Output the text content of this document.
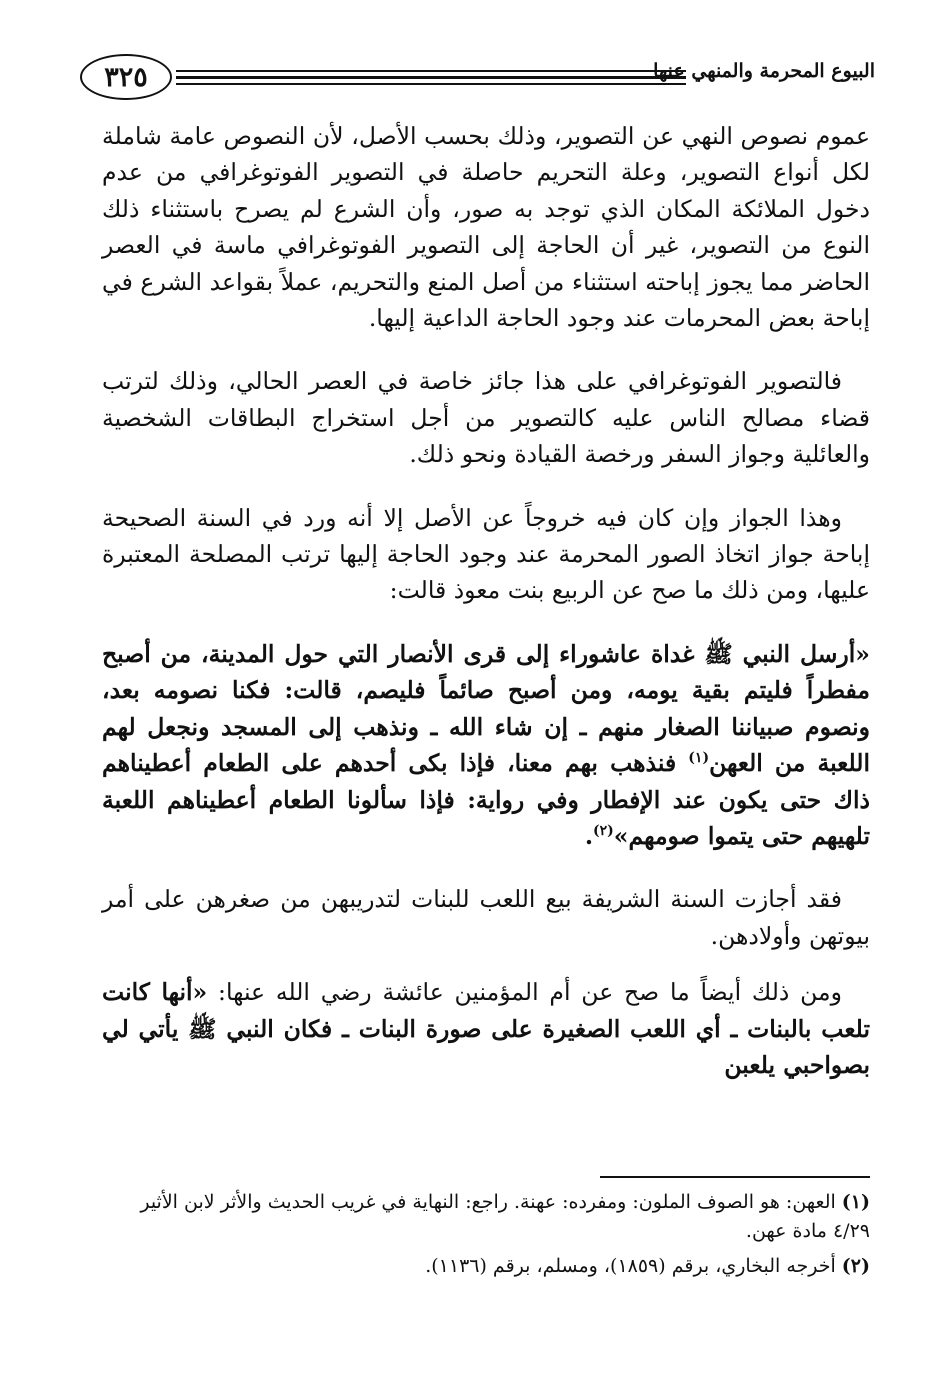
٣٢٥	البيوع المحرمة والمنهي عنها

عموم نصوص النهي عن التصوير، وذلك بحسب الأصل، لأن النصوص عامة شاملة لكل أنواع التصوير، وعلة التحريم حاصلة في التصوير الفوتوغرافي من عدم دخول الملائكة المكان الذي توجد به صور، وأن الشرع لم يصرح باستثناء ذلك النوع من التصوير، غير أن الحاجة إلى التصوير الفوتوغرافي ماسة في العصر الحاضر مما يجوز إباحته استثناء من أصل المنع والتحريم، عملاً بقواعد الشرع في إباحة بعض المحرمات عند وجود الحاجة الداعية إليها.

فالتصوير الفوتوغرافي على هذا جائز خاصة في العصر الحالي، وذلك لترتب قضاء مصالح الناس عليه كالتصوير من أجل استخراج البطاقات الشخصية والعائلية وجواز السفر ورخصة القيادة ونحو ذلك.

وهذا الجواز وإن كان فيه خروجاً عن الأصل إلا أنه ورد في السنة الصحيحة إباحة جواز اتخاذ الصور المحرمة عند وجود الحاجة إليها ترتب المصلحة المعتبرة عليها، ومن ذلك ما صح عن الربيع بنت معوذ قالت:

«أرسل النبي ﷺ غداة عاشوراء إلى قرى الأنصار التي حول المدينة، من أصبح مفطراً فليتم بقية يومه، ومن أصبح صائماً فليصم، قالت: فكنا نصومه بعد، ونصوم صبياننا الصغار منهم ـ إن شاء الله ـ ونذهب إلى المسجد ونجعل لهم اللعبة من العهن$^{(١)}$ فنذهب بهم معنا، فإذا بكى أحدهم على الطعام أعطيناهم ذاك حتى يكون عند الإفطار وفي رواية: فإذا سألونا الطعام أعطيناهم اللعبة تلهيهم حتى يتموا صومهم»$^{(٢)}$.

فقد أجازت السنة الشريفة بيع اللعب للبنات لتدريبهن من صغرهن على أمر بيوتهن وأولادهن.

ومن ذلك أيضاً ما صح عن أم المؤمنين عائشة رضي الله عنها: «أنها كانت تلعب بالبنات ـ أي اللعب الصغيرة على صورة البنات ـ فكان النبي ﷺ يأتي لي بصواحبي يلعبن

(١)العهن: هو الصوف الملون: ومفرده: عهنة. راجع: النهاية في غريب الحديث والأثر لابن الأثير ٤/٢٩ مادة عهن.

(٢)أخرجه البخاري، برقم (١٨٥٩)، ومسلم، برقم (١١٣٦).
